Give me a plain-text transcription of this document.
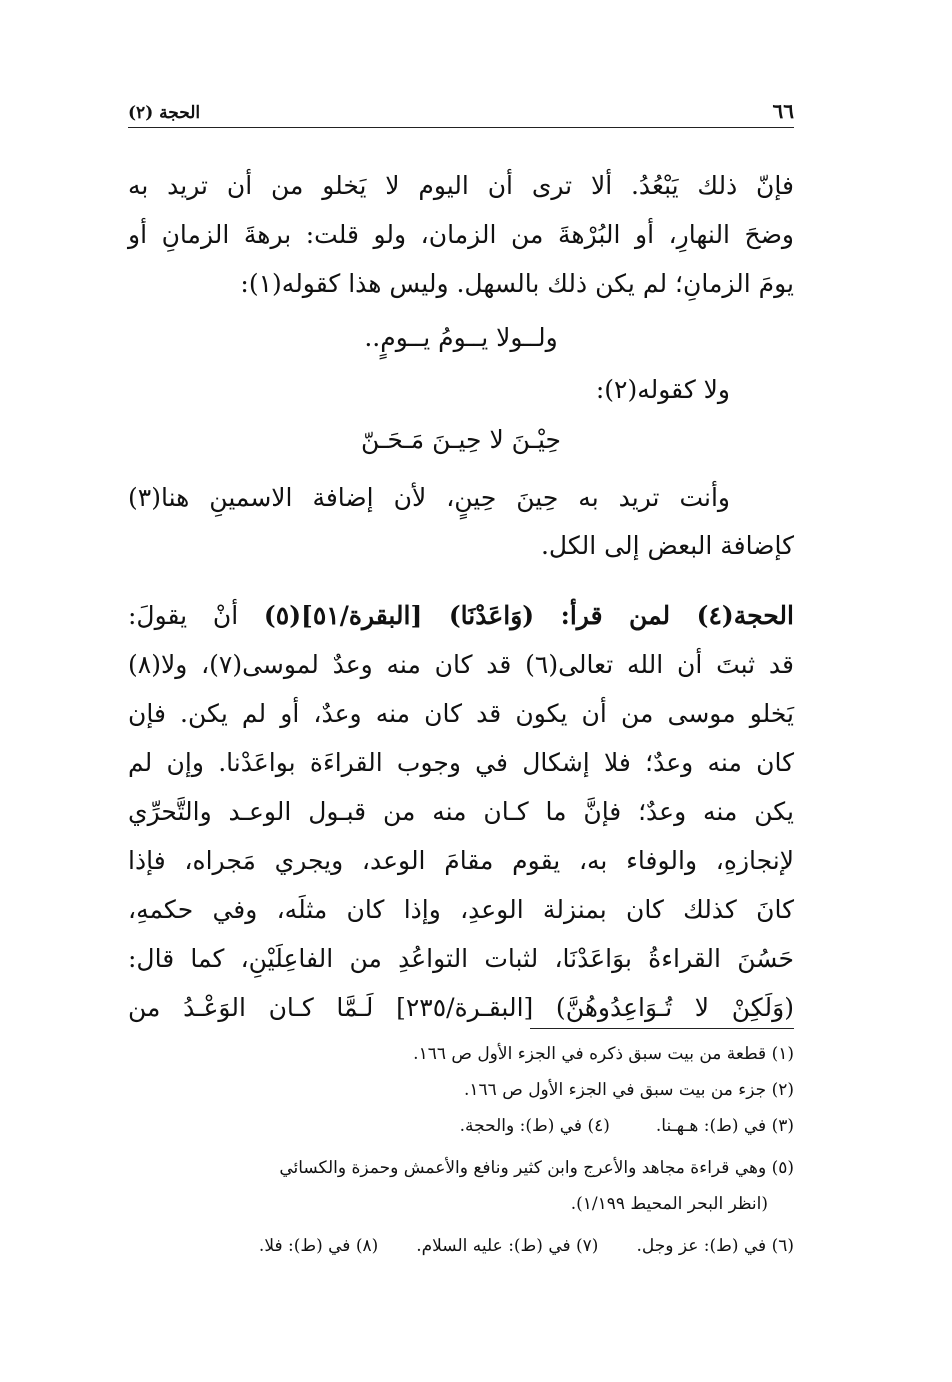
٦٦
الحجة (٢)
فإنّ ذلك يَبْعُدُ. ألا ترى أن اليوم لا يَخلو من أن تريد به
وضحَ النهارِ، أو البُرْهةَ من الزمان، ولو قلت: برهةَ الزمانِ أو
يومَ الزمانِ؛ لم يكن ذلك بالسهل. وليس هذا كقوله(١):
ولــولا يــومُ يــومٍ..
ولا كقوله(٢):
حِيْـنَ لا حِيـنَ مَـحَـنّ
وأنت تريد به حِينَ حِينٍ، لأن إضافة الاسمينِ هنا(٣)
كإضافة البعض إلى الكل.
الحجة(٤) لمن قرأ: (وَاعَدْنَا) [البقرة/٥١](٥) أنْ يقولَ:
قد ثبتَ أن الله تعالى(٦) قد كان منه وعدٌ لموسى(٧)، ولا(٨)
يَخلو موسى من أن يكون قد كان منه وعدٌ، أو لم يكن. فإن
كان منه وعدٌ؛ فلا إشكال في وجوب القراءَة بواعَدْنا. وإن لم
يكن منه وعدٌ؛ فإنَّ ما كـان منه من قبـول الوعـد والتَّحرِّي
لإنجازهِ، والوفاء به، يقوم مقامَ الوعد، ويجري مَجراه، فإذا
كانَ كذلك كان بمنزلة الوعدِ، وإذا كان مثلَه، وفي حكمهِ،
حَسُنَ القراءةُ بوَاعَدْنَا، لثبات التواعُدِ من الفاعِلَيْنِ، كما قال:
(وَلَكِنْ لا تُـوَاعِدُوهُنَّ) [البقـرة/٢٣٥] لَـمَّا كـان الوَعْـدُ من
(١) قطعة من بيت سبق ذكره في الجزء الأول ص ١٦٦.
(٢) جزء من بيت سبق في الجزء الأول ص ١٦٦.
(٣) في (ط): هـهـنا.
(٤) في (ط): والحجة.
(٥) وهي قراءة مجاهد والأعرج وابن كثير ونافع والأعمش وحمزة والكسائي
(انظر البحر المحيط ١/١٩٩).
(٦) في (ط): عز وجل.
(٧) في (ط): عليه السلام.
(٨) في (ط): فلا.
